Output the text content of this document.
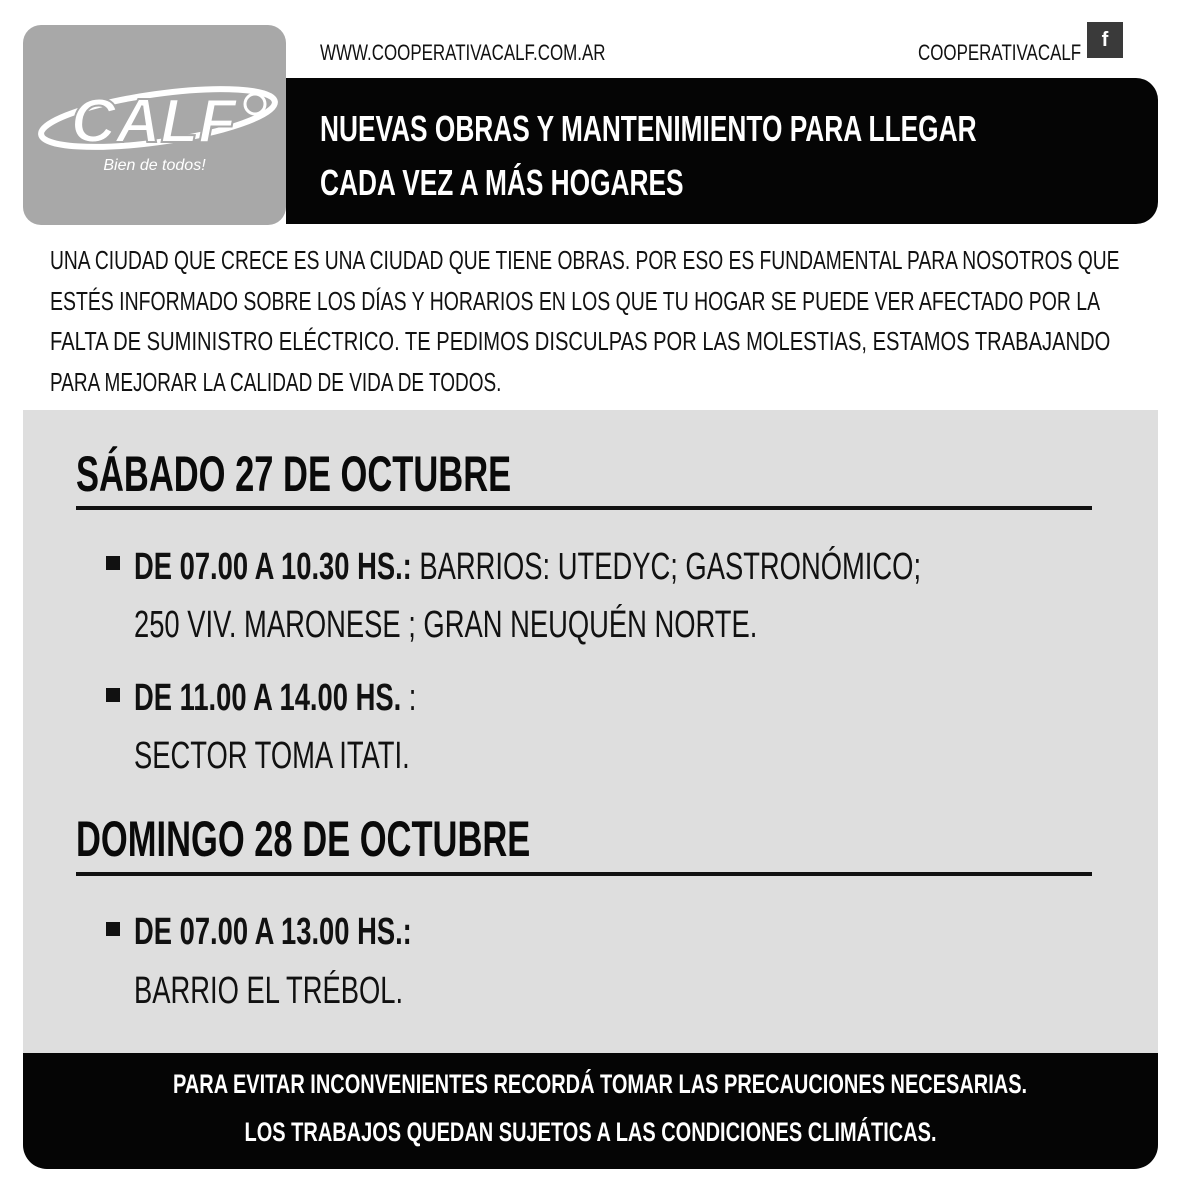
CALF
Bien de todos!
WWW.COOPERATIVACALF.COM.AR	COOPERATIVACALF	f
NUEVAS OBRAS Y MANTENIMIENTO PARA LLEGAR
CADA VEZ A MÁS HOGARES
UNA CIUDAD QUE CRECE ES UNA CIUDAD QUE TIENE OBRAS. POR ESO ES FUNDAMENTAL PARA NOSOTROS QUE
ESTÉS INFORMADO SOBRE LOS DÍAS Y HORARIOS EN LOS QUE TU HOGAR SE PUEDE VER AFECTADO POR LA
FALTA DE SUMINISTRO ELÉCTRICO. TE PEDIMOS DISCULPAS POR LAS MOLESTIAS, ESTAMOS TRABAJANDO
PARA MEJORAR LA CALIDAD DE VIDA DE TODOS.
SÁBADO 27 DE OCTUBRE
DE 07.00 A 10.30 HS.: BARRIOS: UTEDYC; GASTRONÓMICO;
250 VIV. MARONESE ; GRAN NEUQUÉN NORTE.
DE 11.00 A 14.00 HS. :
SECTOR TOMA ITATI.
DOMINGO 28 DE OCTUBRE
DE 07.00 A 13.00 HS.:
BARRIO EL TRÉBOL.
PARA EVITAR INCONVENIENTES RECORDÁ TOMAR LAS PRECAUCIONES NECESARIAS.
LOS TRABAJOS QUEDAN SUJETOS A LAS CONDICIONES CLIMÁTICAS.
